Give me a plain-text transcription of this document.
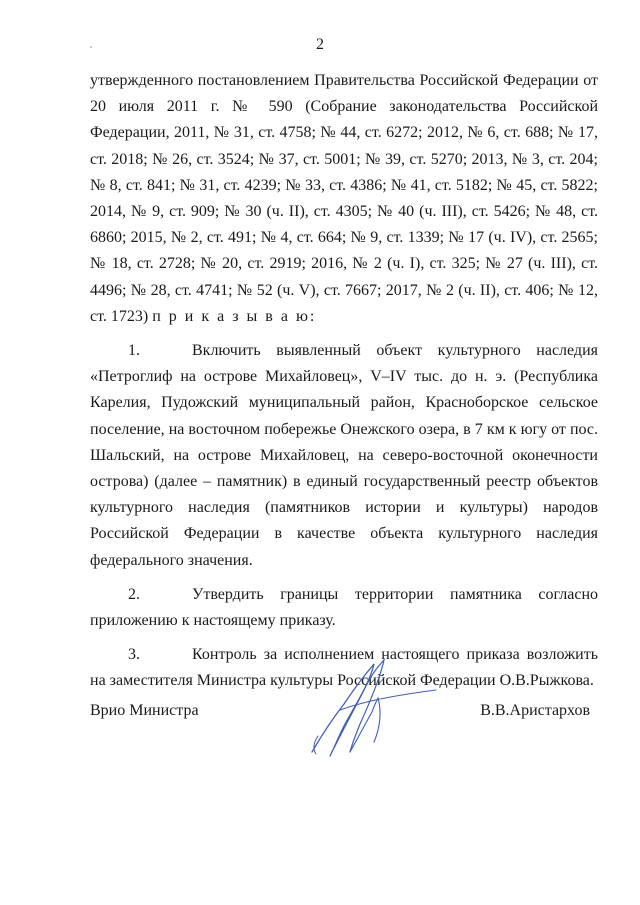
2

утвержденного постановлением Правительства Российской Федерации от 20 июля 2011 г. № 590 (Собрание законодательства Российской Федерации, 2011, № 31, ст. 4758; № 44, ст. 6272; 2012, № 6, ст. 688; № 17, ст. 2018; № 26, ст. 3524; № 37, ст. 5001; № 39, ст. 5270; 2013, № 3, ст. 204; № 8, ст. 841; № 31, ст. 4239; № 33, ст. 4386; № 41, ст. 5182; № 45, ст. 5822; 2014, № 9, ст. 909; № 30 (ч. II), ст. 4305; № 40 (ч. III), ст. 5426; № 48, ст. 6860; 2015, № 2, ст. 491; № 4, ст. 664; № 9, ст. 1339; № 17 (ч. IV), ст. 2565; № 18, ст. 2728; № 20, ст. 2919; 2016, № 2 (ч. I), ст. 325; № 27 (ч. III), ст. 4496; № 28, ст. 4741; № 52 (ч. V), ст. 7667; 2017, № 2 (ч. II), ст. 406; № 12, ст. 1723) п р и к а з ы в а ю:

1.	Включить выявленный объект культурного наследия «Петроглиф на острове Михайловец», V–IV тыс. до н. э. (Республика Карелия, Пудожский муниципальный район, Красноборское сельское поселение, на восточном побережье Онежского озера, в 7 км к югу от пос. Шальский, на острове Михайловец, на северо-восточной оконечности острова) (далее – памятник) в единый государственный реестр объектов культурного наследия (памятников истории и культуры) народов Российской Федерации в качестве объекта культурного наследия федерального значения.

2.	Утвердить границы территории памятника согласно приложению к настоящему приказу.

3.	Контроль за исполнением настоящего приказа возложить на заместителя Министра культуры Российской Федерации О.В.Рыжкова.

Врио Министра	В.В.Аристархов
